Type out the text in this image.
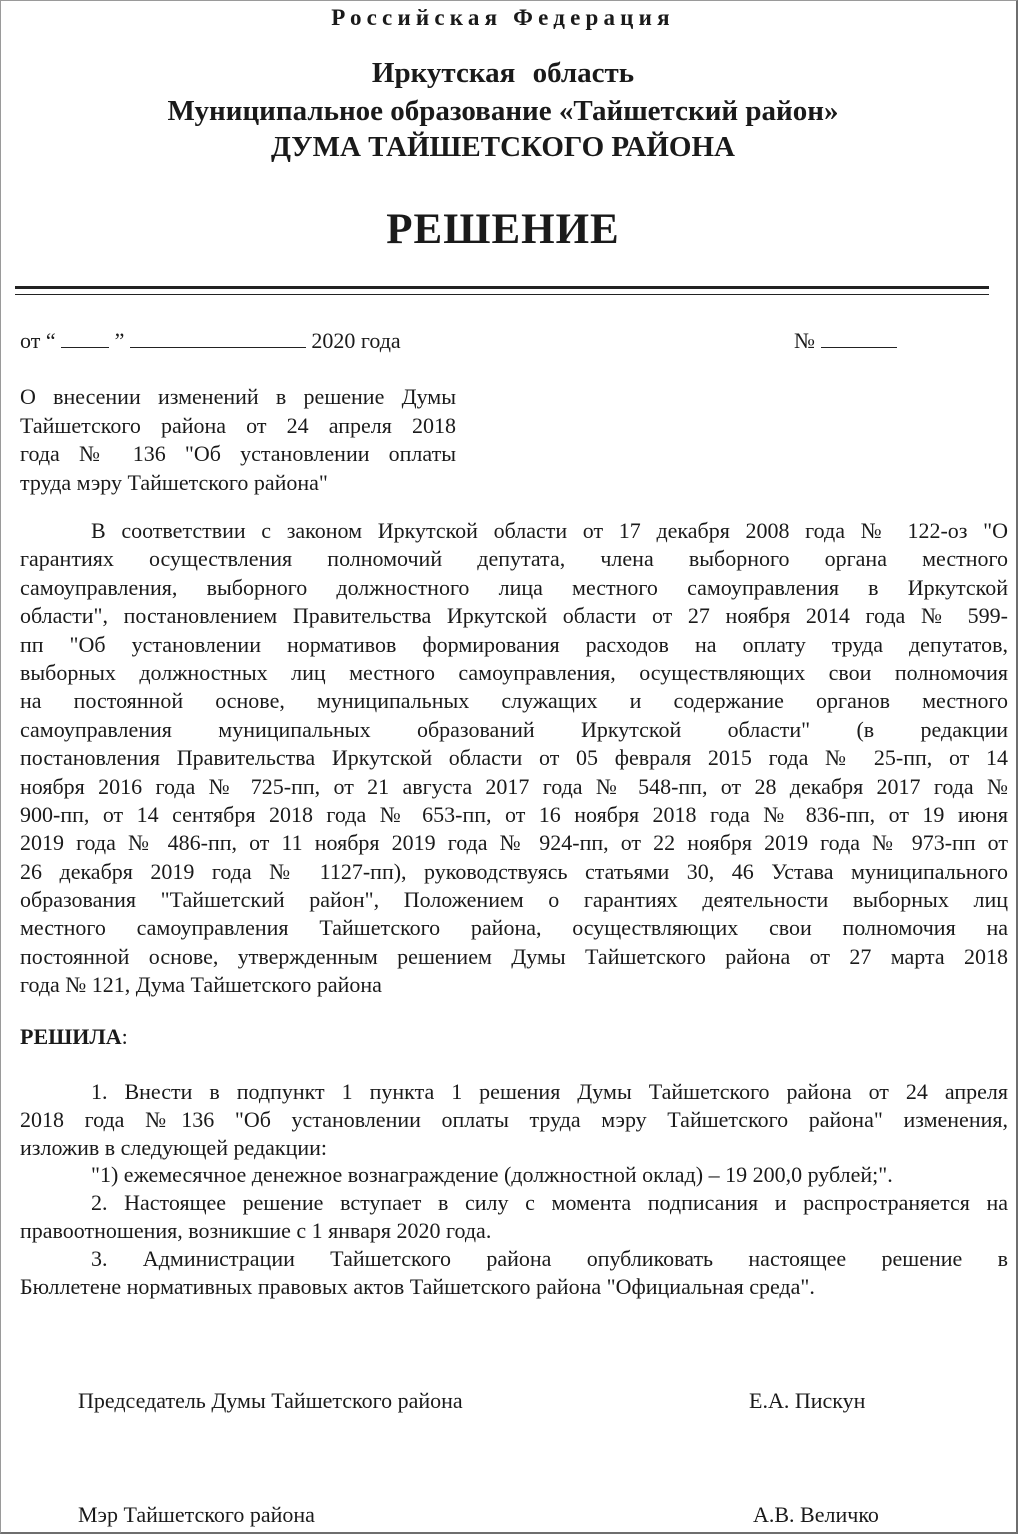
Российская Федерация
Иркутская область
Муниципальное образование «Тайшетский район»
ДУМА ТАЙШЕТСКОГО РАЙОНА
РЕШЕНИЕ
от “	”	2020 года	№
О внесении изменений в решение Думы
Тайшетского района от 24 апреля 2018
года № 136 "Об установлении оплаты
труда мэру Тайшетского района"
В соответствии с законом Иркутской области от 17 декабря 2008 года № 122-оз "О
гарантиях осуществления полномочий депутата, члена выборного органа местного
самоуправления, выборного должностного лица местного самоуправления в Иркутской
области", постановлением Правительства Иркутской области от 27 ноября 2014 года № 599-
пп "Об установлении нормативов формирования расходов на оплату труда депутатов,
выборных должностных лиц местного самоуправления, осуществляющих свои полномочия
на постоянной основе, муниципальных служащих и содержание органов местного
самоуправления муниципальных образований Иркутской области" (в редакции
постановления Правительства Иркутской области от 05 февраля 2015 года № 25-пп, от 14
ноября 2016 года № 725-пп, от 21 августа 2017 года № 548-пп, от 28 декабря 2017 года №
900-пп, от 14 сентября 2018 года № 653-пп, от 16 ноября 2018 года № 836-пп, от 19 июня
2019 года № 486-пп, от 11 ноября 2019 года № 924-пп, от 22 ноября 2019 года № 973-пп от
26 декабря 2019 года № 1127-пп), руководствуясь статьями 30, 46 Устава муниципального
образования "Тайшетский район", Положением о гарантиях деятельности выборных лиц
местного самоуправления Тайшетского района, осуществляющих свои полномочия на
постоянной основе, утвержденным решением Думы Тайшетского района от 27 марта 2018
года № 121, Дума Тайшетского района
РЕШИЛА:
1. Внести в подпункт 1 пункта 1 решения Думы Тайшетского района от 24 апреля
2018 года №136 "Об установлении оплаты труда мэру Тайшетского района" изменения,
изложив в следующей редакции:
"1) ежемесячное денежное вознаграждение (должностной оклад) – 19 200,0 рублей;".
2. Настоящее решение вступает в силу с момента подписания и распространяется на
правоотношения, возникшие с 1 января 2020 года.
3. Администрации Тайшетского района опубликовать настоящее решение в
Бюллетене нормативных правовых актов Тайшетского района "Официальная среда".
Председатель Думы Тайшетского района	Е.А. Пискун
Мэр Тайшетского района	А.В. Величко
